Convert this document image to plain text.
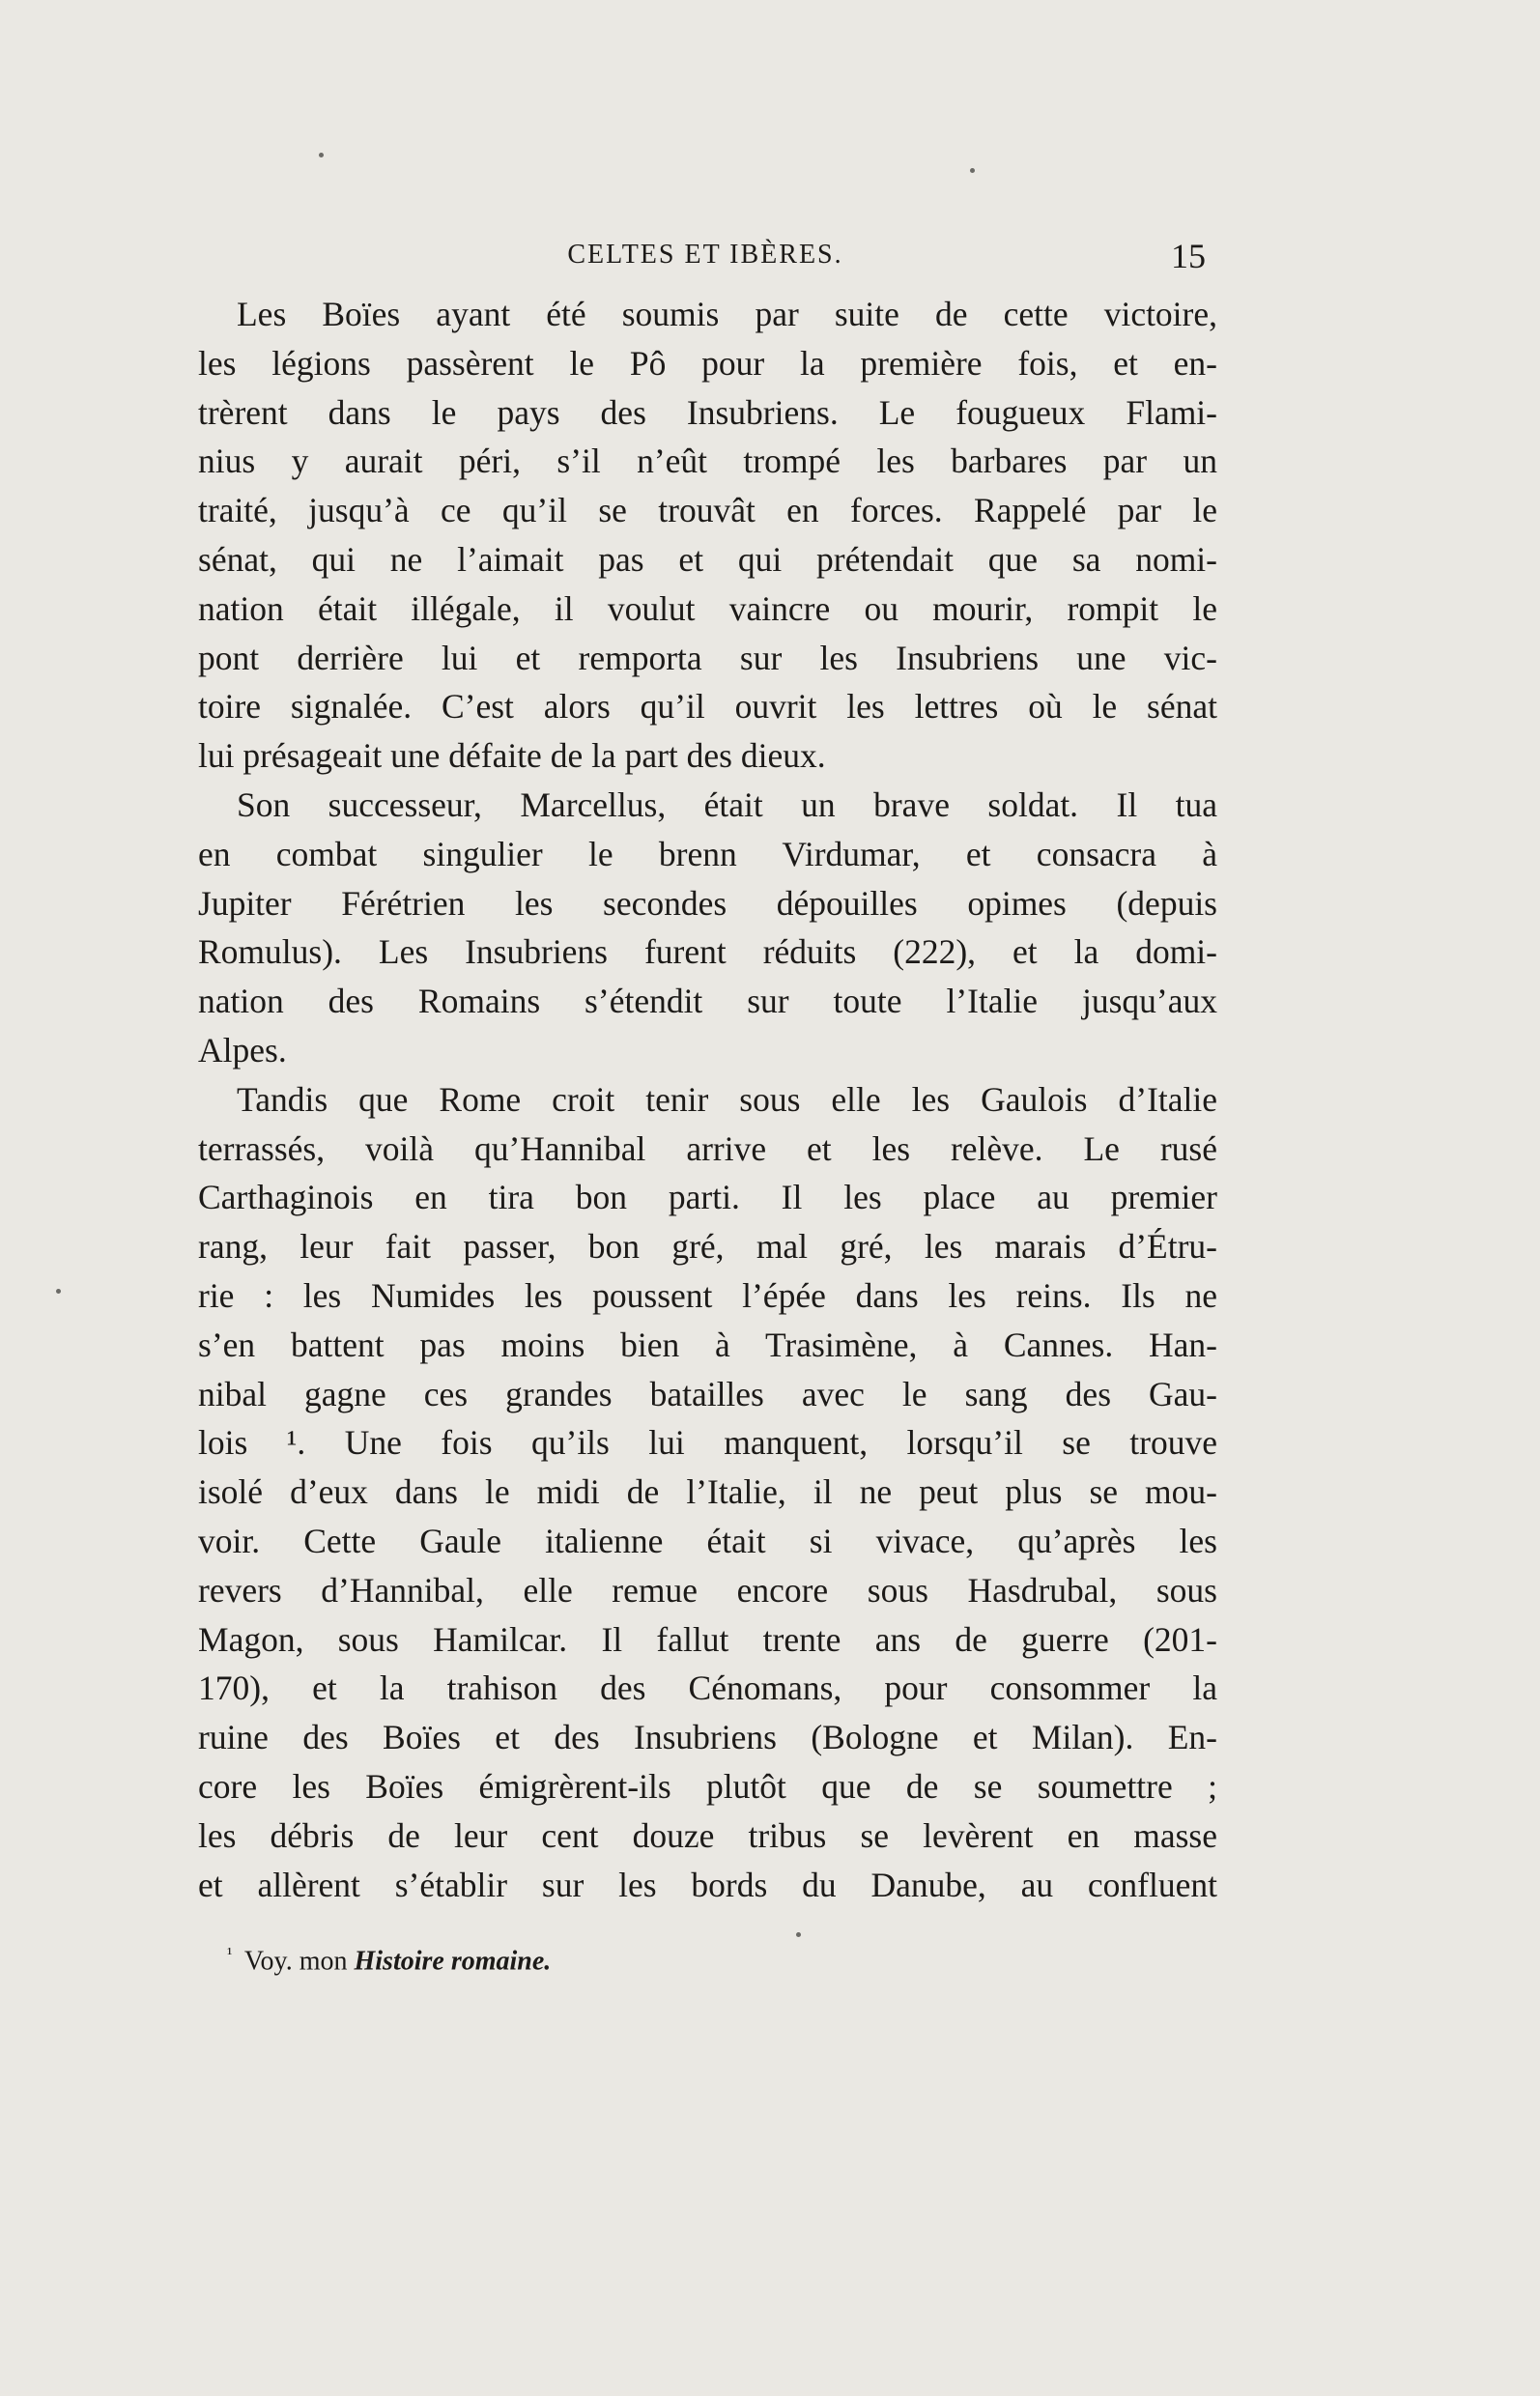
CELTES ET IBÈRES.	15
Les Boïes ayant été soumis par suite de cette victoire,
les légions passèrent le Pô pour la première fois, et en-
trèrent dans le pays des Insubriens. Le fougueux Flami-
nius y aurait péri, s’il n’eût trompé les barbares par un
traité, jusqu’à ce qu’il se trouvât en forces. Rappelé par le
sénat, qui ne l’aimait pas et qui prétendait que sa nomi-
nation était illégale, il voulut vaincre ou mourir, rompit le
pont derrière lui et remporta sur les Insubriens une vic-
toire signalée. C’est alors qu’il ouvrit les lettres où le sénat
lui présageait une défaite de la part des dieux.
Son successeur, Marcellus, était un brave soldat. Il tua
en combat singulier le brenn Virdumar, et consacra à
Jupiter Férétrien les secondes dépouilles opimes (depuis
Romulus). Les Insubriens furent réduits (222), et la domi-
nation des Romains s’étendit sur toute l’Italie jusqu’aux
Alpes.
Tandis que Rome croit tenir sous elle les Gaulois d’Italie
terrassés, voilà qu’Hannibal arrive et les relève. Le rusé
Carthaginois en tira bon parti. Il les place au premier
rang, leur fait passer, bon gré, mal gré, les marais d’Étru-
rie : les Numides les poussent l’épée dans les reins. Ils ne
s’en battent pas moins bien à Trasimène, à Cannes. Han-
nibal gagne ces grandes batailles avec le sang des Gau-
lois ¹. Une fois qu’ils lui manquent, lorsqu’il se trouve
isolé d’eux dans le midi de l’Italie, il ne peut plus se mou-
voir. Cette Gaule italienne était si vivace, qu’après les
revers d’Hannibal, elle remue encore sous Hasdrubal, sous
Magon, sous Hamilcar. Il fallut trente ans de guerre (201-
170), et la trahison des Cénomans, pour consommer la
ruine des Boïes et des Insubriens (Bologne et Milan). En-
core les Boïes émigrèrent-ils plutôt que de se soumettre ;
les débris de leur cent douze tribus se levèrent en masse
et allèrent s’établir sur les bords du Danube, au confluent
$^{^1}$ Voy. mon Histoire romaine.
